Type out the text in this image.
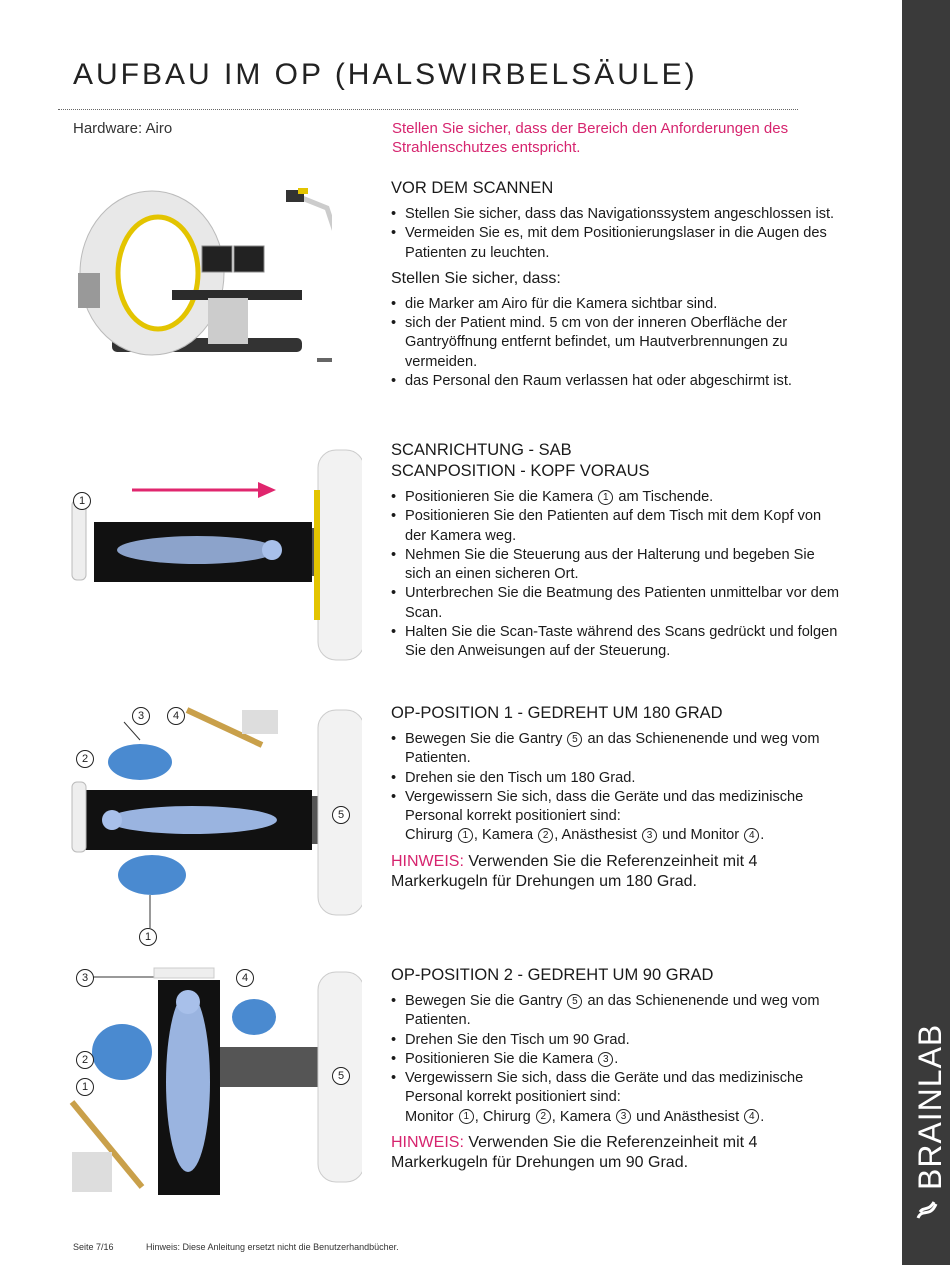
BRAINLAB
AUFBAU IM OP (HALSWIRBELSÄULE)
Hardware: Airo	Stellen Sie sicher, dass der Bereich den Anforderungen des Strahlenschutzes entspricht.
1
3	4
2
5
1
3	4
2
5
1
VOR DEM SCANNEN
• Stellen Sie sicher, dass das Navigationssystem angeschlossen ist.
• Vermeiden Sie es, mit dem Positionierungslaser in die Augen des Patienten zu leuchten.
Stellen Sie sicher, dass:
• die Marker am Airo für die Kamera sichtbar sind.
• sich der Patient mind. 5 cm von der inneren Oberfläche der Gantryöffnung entfernt befindet, um Hautverbrennungen zu vermeiden.
• das Personal den Raum verlassen hat oder abgeschirmt ist.
SCANRICHTUNG - SAB
SCANPOSITION - KOPF VORAUS
• Positionieren Sie die Kamera 1 am Tischende.
• Positionieren Sie den Patienten auf dem Tisch mit dem Kopf von der Kamera weg.
• Nehmen Sie die Steuerung aus der Halterung und begeben Sie sich an einen sicheren Ort.
• Unterbrechen Sie die Beatmung des Patienten unmittelbar vor dem Scan.
• Halten Sie die Scan-Taste während des Scans gedrückt und folgen Sie den Anweisungen auf der Steuerung.
OP-POSITION 1 - GEDREHT UM 180 GRAD
• Bewegen Sie die Gantry 5 an das Schienenende und weg vom Patienten.
• Drehen sie den Tisch um 180 Grad.
• Vergewissern Sie sich, dass die Geräte und das medizinische Personal korrekt positioniert sind:
Chirurg 1 , Kamera 2 , Anästhesist 3 und Monitor 4 .
HINWEIS: Verwenden Sie die Referenzeinheit mit 4 Markerkugeln für Drehungen um 180 Grad.
OP-POSITION 2 - GEDREHT UM 90 GRAD
• Bewegen Sie die Gantry 5 an das Schienenende und weg vom Patienten.
• Drehen Sie den Tisch um 90 Grad.
• Positionieren Sie die Kamera 3 .
• Vergewissern Sie sich, dass die Geräte und das medizinische Personal korrekt positioniert sind:
Monitor 1 , Chirurg 2 , Kamera 3 und Anästhesist 4 .
HINWEIS: Verwenden Sie die Referenzeinheit mit 4 Markerkugeln für Drehungen um 90 Grad.
Seite 7/16	Hinweis: Diese Anleitung ersetzt nicht die Benutzerhandbücher.
